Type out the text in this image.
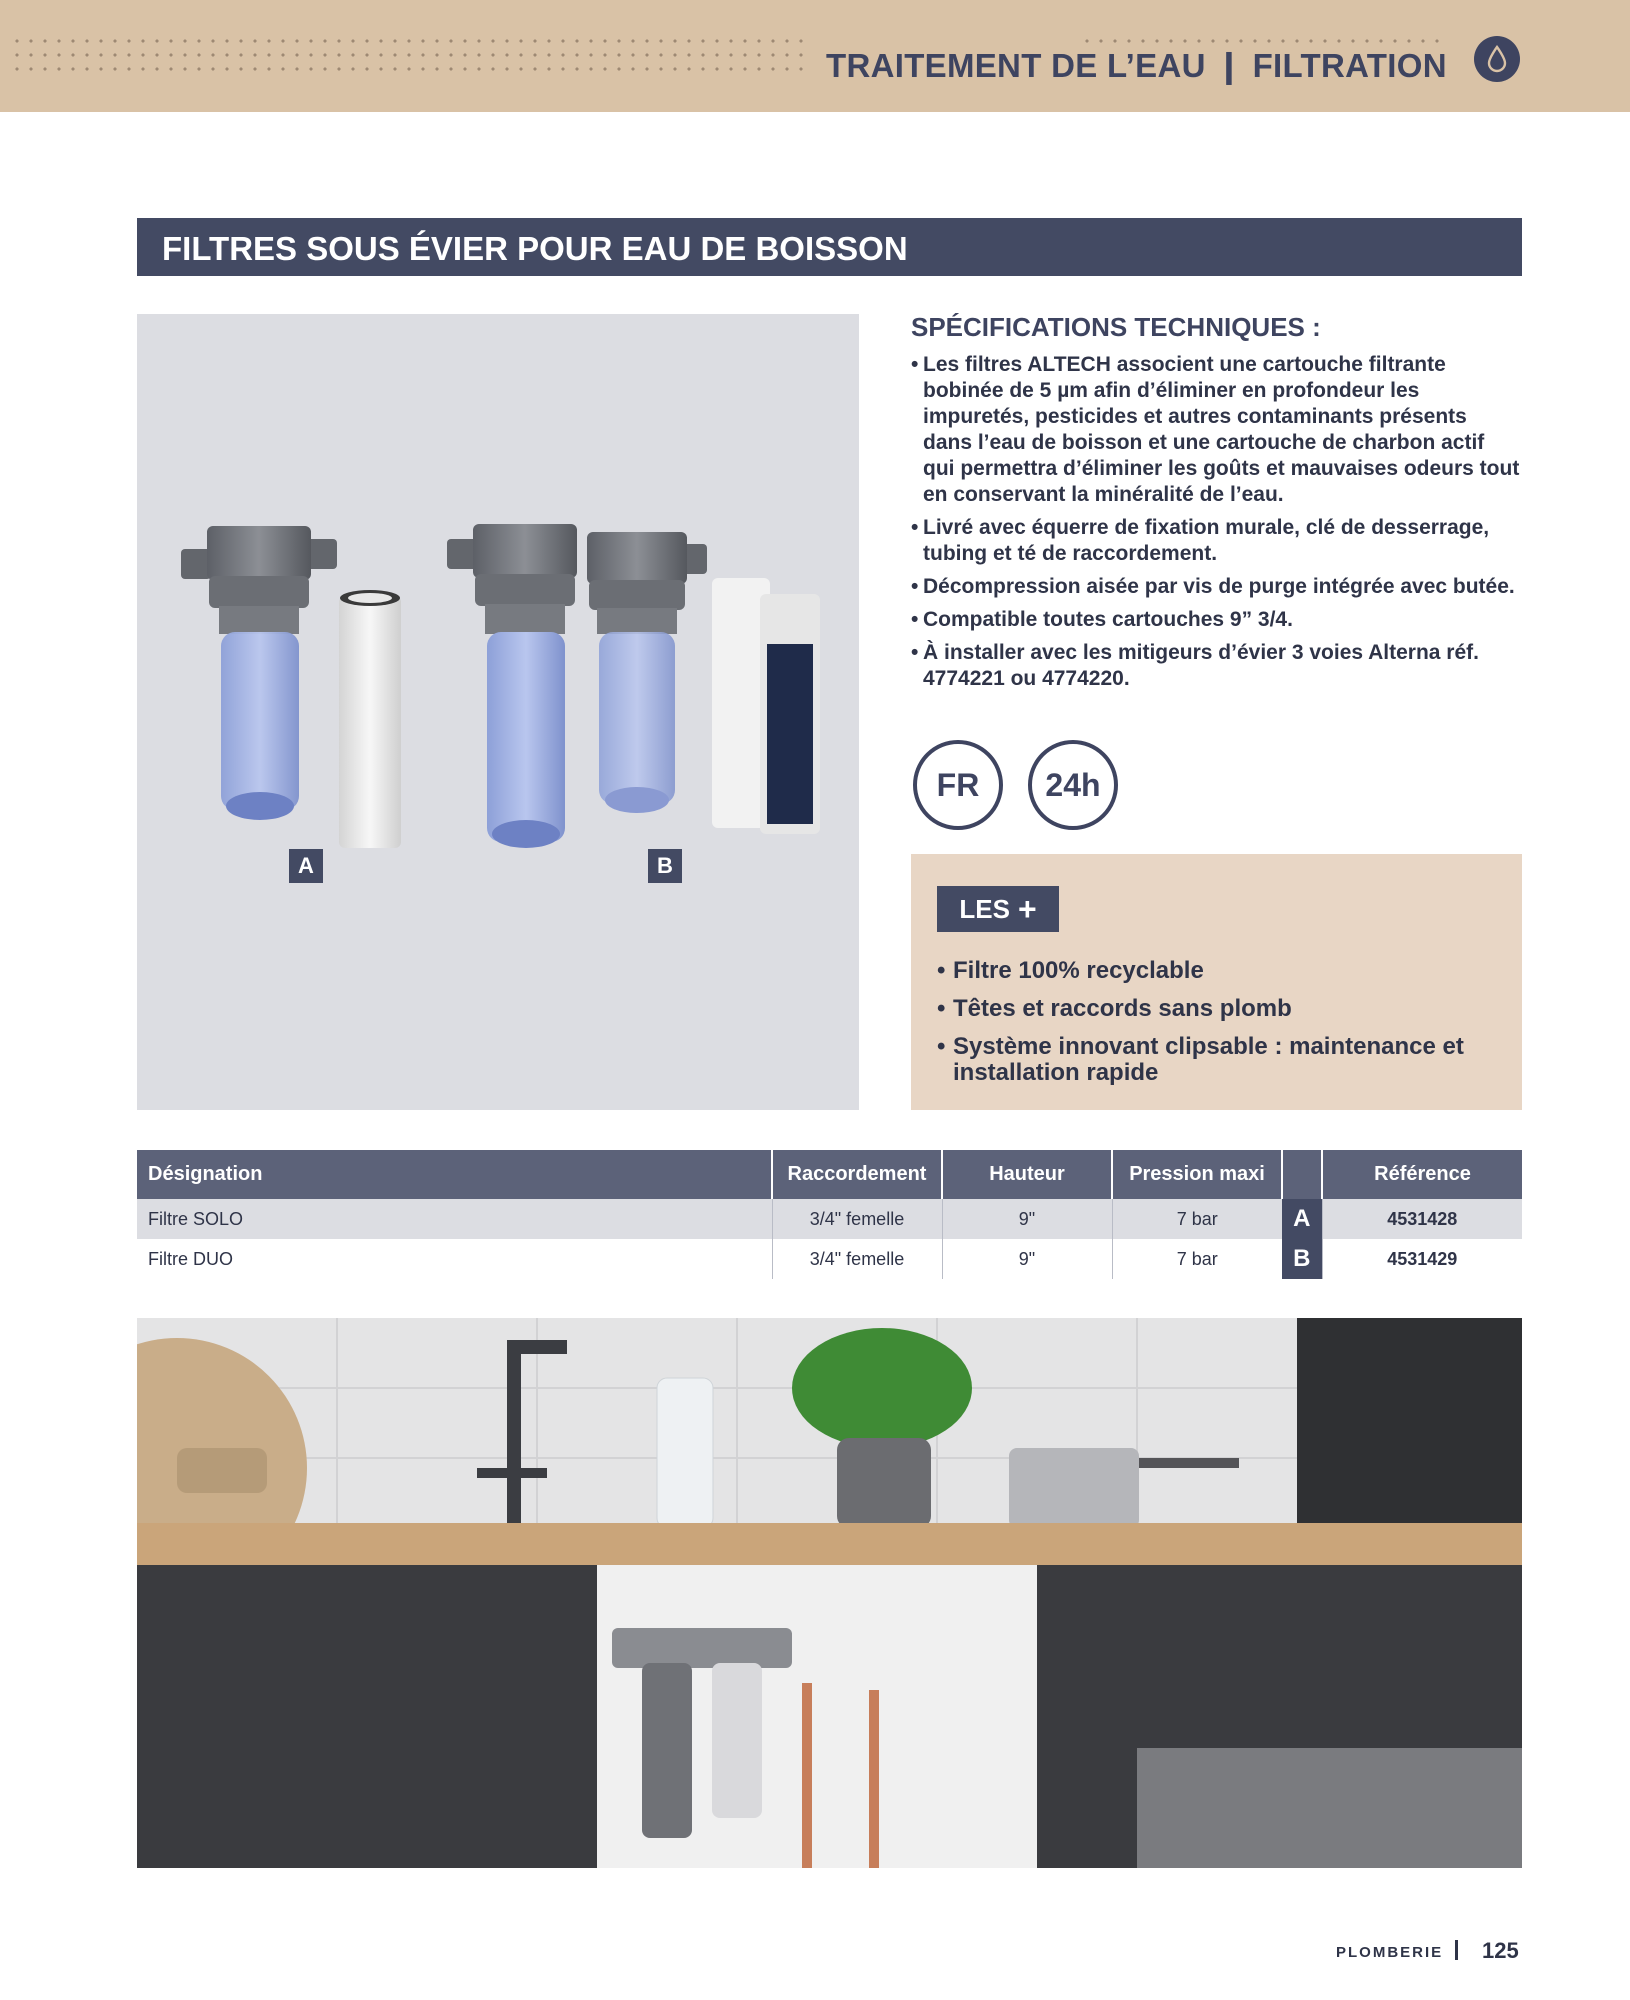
TRAITEMENT DE L’EAU ❙ FILTRATION
FILTRES SOUS ÉVIER POUR EAU DE BOISSON
A	B
SPÉCIFICATIONS TECHNIQUES :
• Les filtres ALTECH associent une cartouche filtrante bobinée de 5 µm afin d’éliminer en profondeur les impuretés, pesticides et autres contaminants présents dans l’eau de boisson et une cartouche de charbon actif qui permettra d’éliminer les goûts et mauvaises odeurs tout en conservant la minéralité de l’eau.
• Livré avec équerre de fixation murale, clé de desserrage, tubing et té de raccordement.
• Décompression aisée par vis de purge intégrée avec butée.
• Compatible toutes cartouches 9” 3/4.
• À installer avec les mitigeurs d’évier 3 voies Alterna réf. 4774221 ou 4774220.
FR	24h
LES +
• Filtre 100% recyclable
• Têtes et raccords sans plomb
• Système innovant clipsable : maintenance et installation rapide
Désignation	Raccordement	Hauteur	Pression maxi		Référence
Filtre SOLO	3/4" femelle	9"	7 bar	A	4531428
Filtre DUO	3/4" femelle	9"	7 bar	B	4531429
PLOMBERIE 125
